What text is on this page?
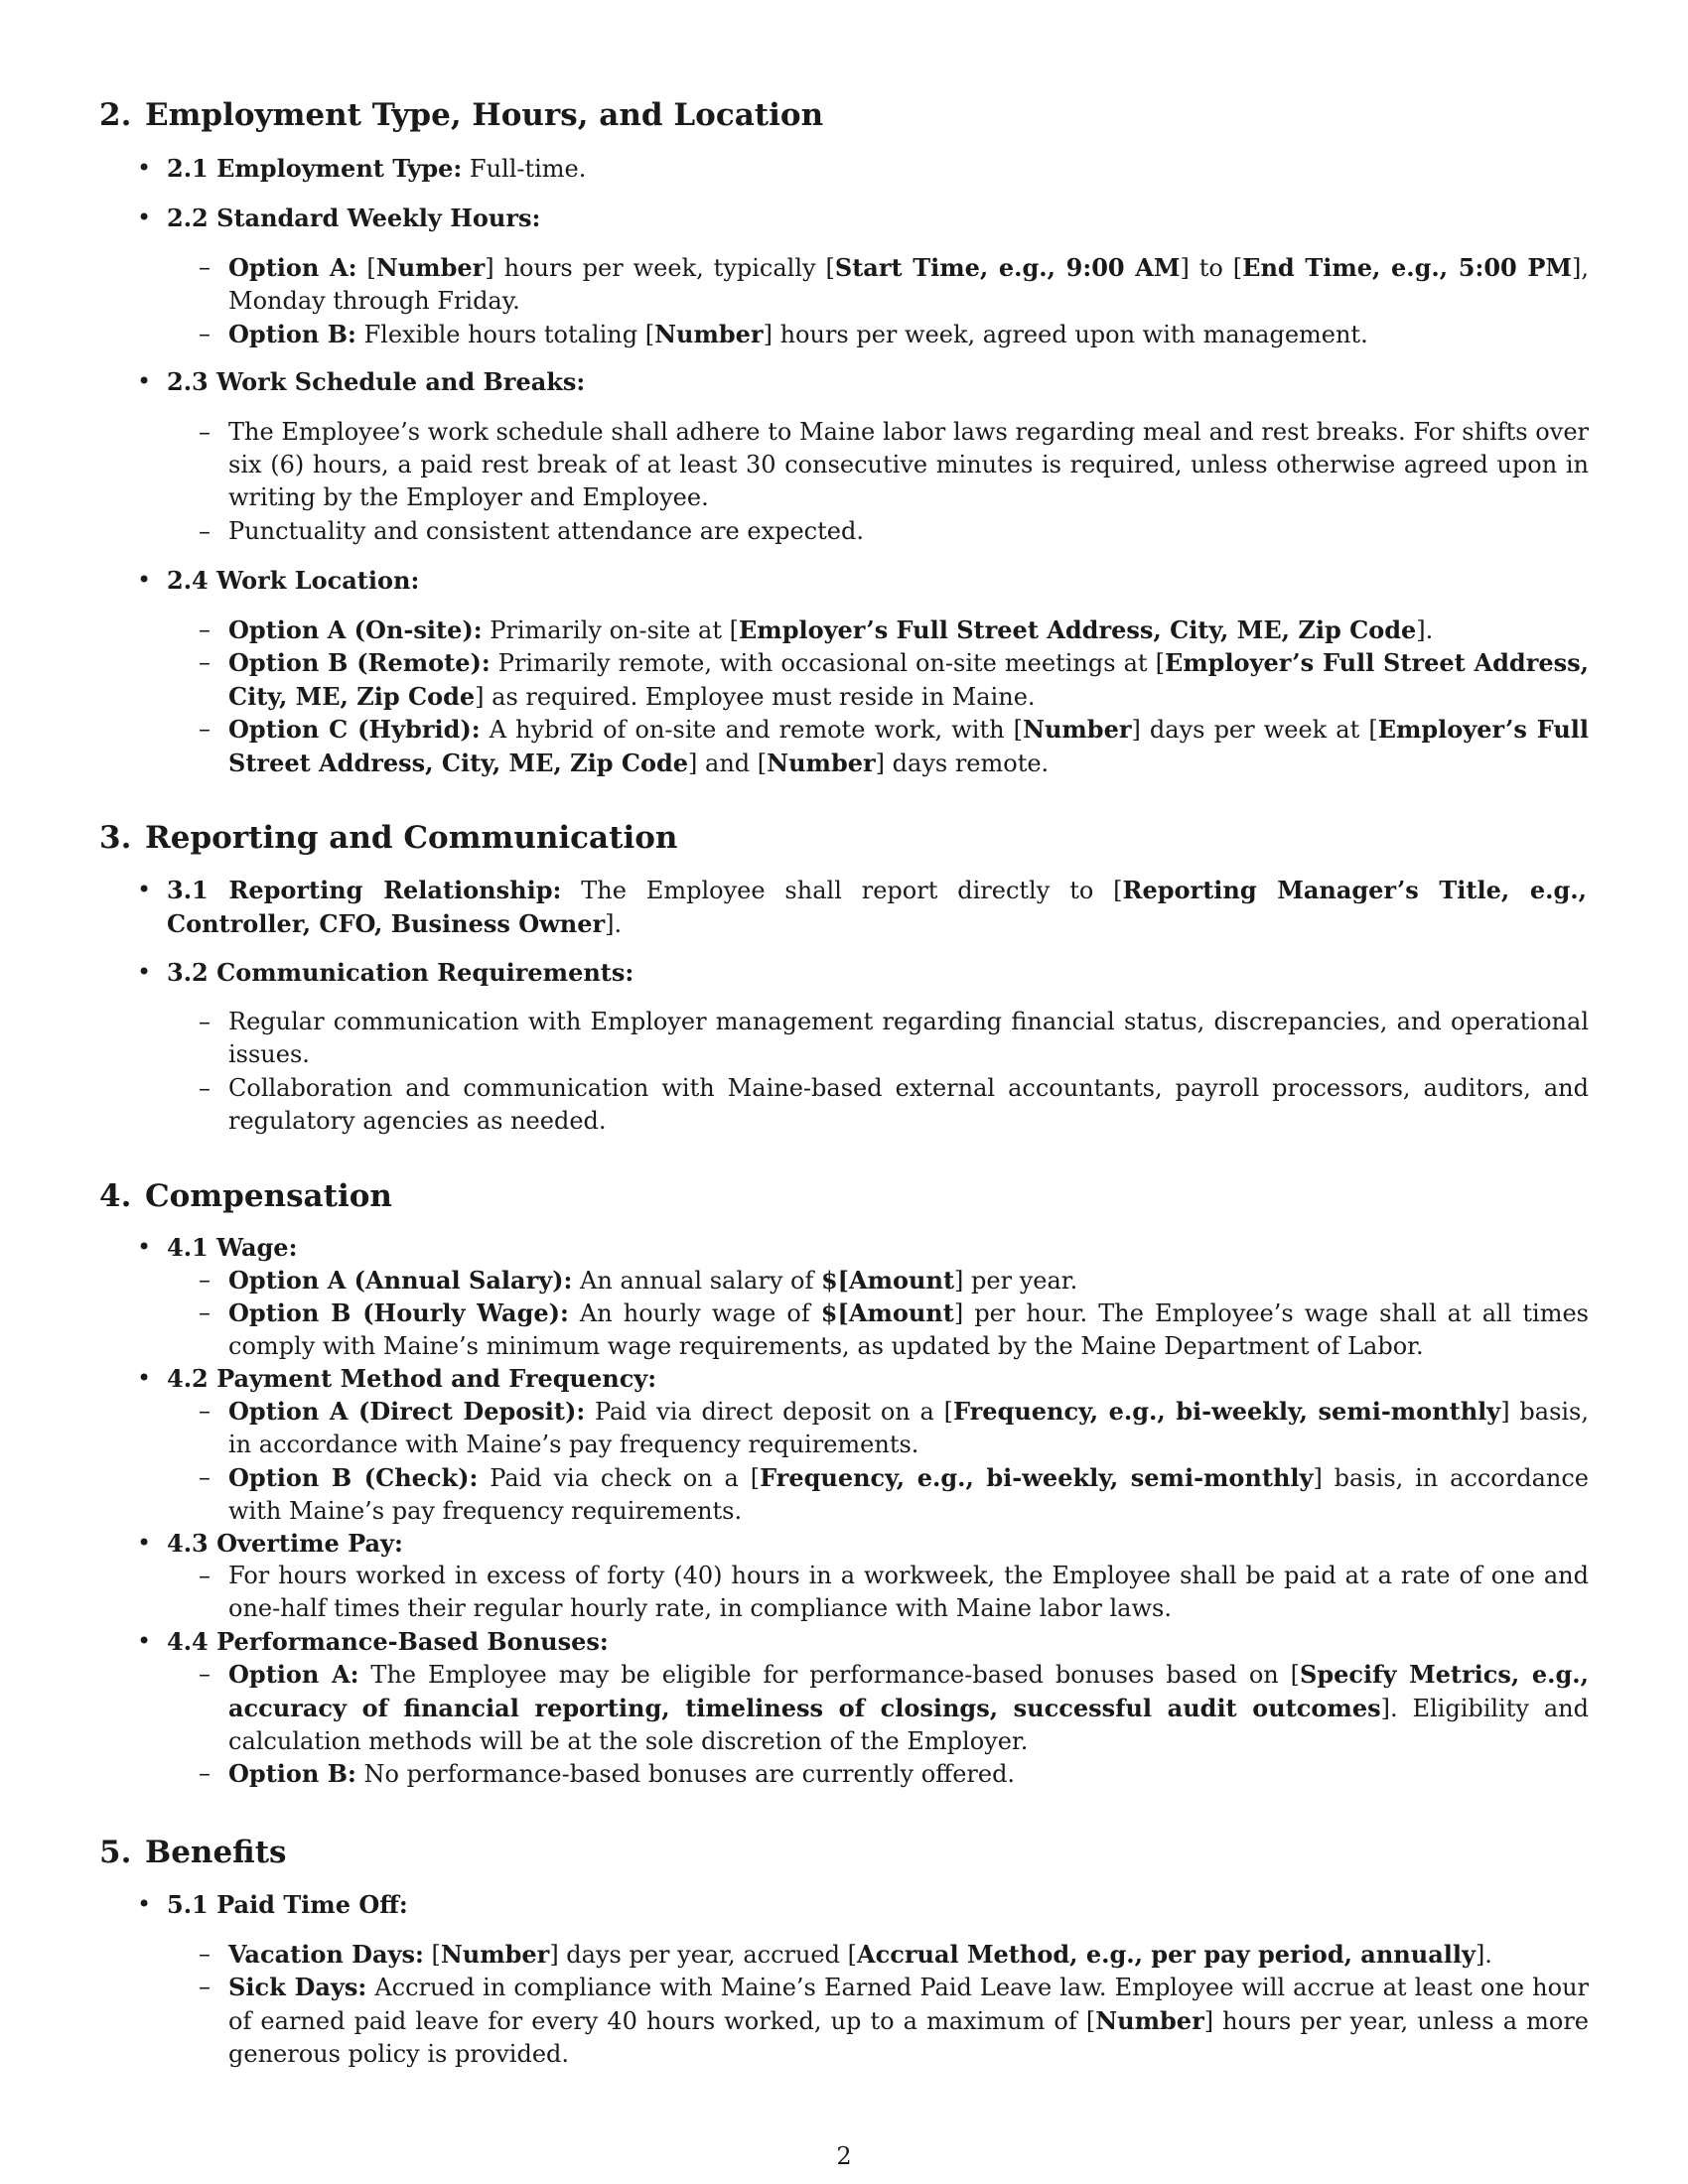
2. Employment Type, Hours, and Location

• 2.1 Employment Type: Full-time.

• 2.2 Standard Weekly Hours:

– Option A: [Number] hours per week, typically [Start Time, e.g., 9:00 AM] to [End Time, e.g., 5:00 PM], Monday through Friday.

– Option B: Flexible hours totaling [Number] hours per week, agreed upon with management.

• 2.3 Work Schedule and Breaks:

– The Employee’s work schedule shall adhere to Maine labor laws regarding meal and rest breaks. For shifts over six (6) hours, a paid rest break of at least 30 consecutive minutes is required, unless otherwise agreed upon in writing by the Employer and Employee.

– Punctuality and consistent attendance are expected.

• 2.4 Work Location:

– Option A (On-site): Primarily on-site at [Employer’s Full Street Address, City, ME, Zip Code].

– Option B (Remote): Primarily remote, with occasional on-site meetings at [Employer’s Full Street Address, City, ME, Zip Code] as required. Employee must reside in Maine.

– Option C (Hybrid): A hybrid of on-site and remote work, with [Number] days per week at [Employer’s Full Street Address, City, ME, Zip Code] and [Number] days remote.

3. Reporting and Communication

• 3.1 Reporting Relationship: The Employee shall report directly to [Reporting Manager’s Title, e.g., Controller, CFO, Business Owner].

• 3.2 Communication Requirements:

– Regular communication with Employer management regarding financial status, discrepancies, and operational issues.

– Collaboration and communication with Maine-based external accountants, payroll processors, auditors, and regulatory agencies as needed.

4. Compensation

• 4.1 Wage:

– Option A (Annual Salary): An annual salary of $[Amount] per year.

– Option B (Hourly Wage): An hourly wage of $[Amount] per hour. The Employee’s wage shall at all times comply with Maine’s minimum wage requirements, as updated by the Maine Department of Labor.

• 4.2 Payment Method and Frequency:

– Option A (Direct Deposit): Paid via direct deposit on a [Frequency, e.g., bi-weekly, semi-monthly] basis, in accordance with Maine’s pay frequency requirements.

– Option B (Check): Paid via check on a [Frequency, e.g., bi-weekly, semi-monthly] basis, in accordance with Maine’s pay frequency requirements.

• 4.3 Overtime Pay:

– For hours worked in excess of forty (40) hours in a workweek, the Employee shall be paid at a rate of one and one-half times their regular hourly rate, in compliance with Maine labor laws.

• 4.4 Performance-Based Bonuses:

– Option A: The Employee may be eligible for performance-based bonuses based on [Specify Metrics, e.g., accuracy of financial reporting, timeliness of closings, successful audit outcomes]. Eligibility and calculation methods will be at the sole discretion of the Employer.

– Option B: No performance-based bonuses are currently offered.

5. Benefits

• 5.1 Paid Time Off:

– Vacation Days: [Number] days per year, accrued [Accrual Method, e.g., per pay period, annually].

– Sick Days: Accrued in compliance with Maine’s Earned Paid Leave law. Employee will accrue at least one hour of earned paid leave for every 40 hours worked, up to a maximum of [Number] hours per year, unless a more generous policy is provided.

2
